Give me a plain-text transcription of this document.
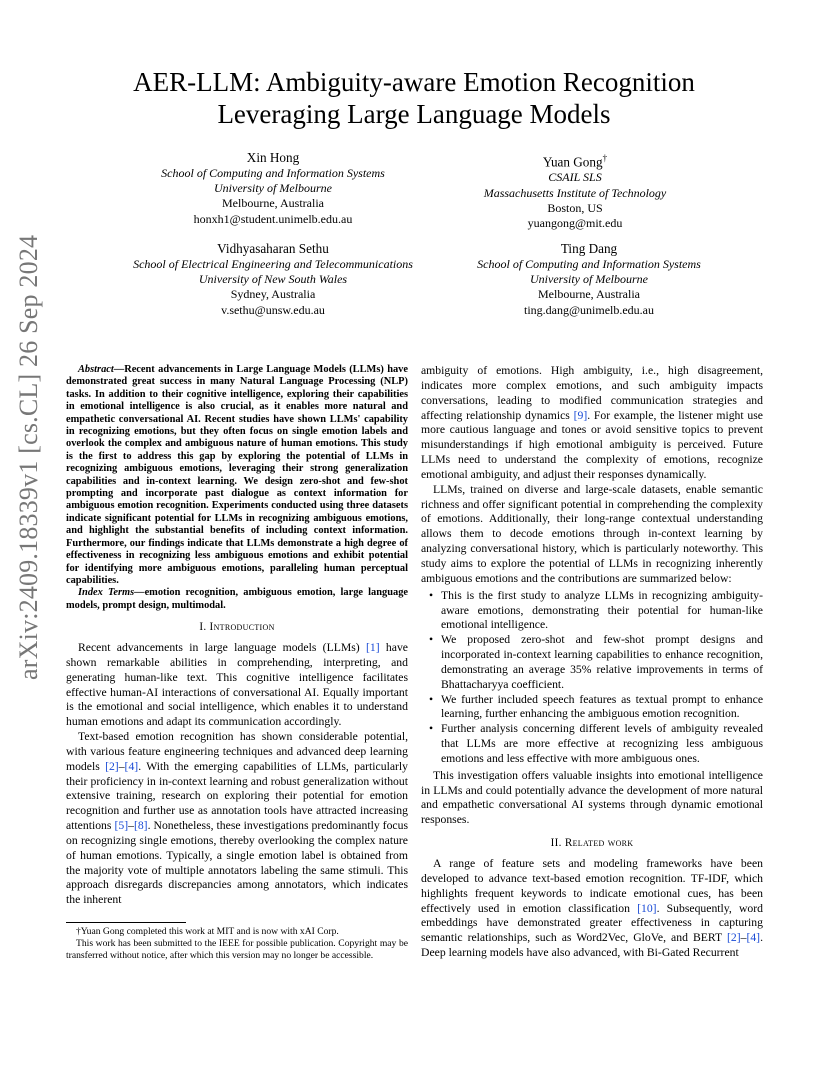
arXiv:2409.18339v1 [cs.CL] 26 Sep 2024
AER-LLM: Ambiguity-aware Emotion Recognition
Leveraging Large Language Models
Xin Hong
School of Computing and Information Systems
University of Melbourne
Melbourne, Australia
honxh1@student.unimelb.edu.au
Yuan Gong†
CSAIL SLS
Massachusetts Institute of Technology
Boston, US
yuangong@mit.edu
Vidhyasaharan Sethu
School of Electrical Engineering and Telecommunications
University of New South Wales
Sydney, Australia
v.sethu@unsw.edu.au
Ting Dang
School of Computing and Information Systems
University of Melbourne
Melbourne, Australia
ting.dang@unimelb.edu.au

Abstract—Recent advancements in Large Language Models (LLMs) have demonstrated great success in many Natural Language Processing (NLP) tasks. In addition to their cognitive intelligence, exploring their capabilities in emotional intelligence is also crucial, as it enables more natural and empathetic conversational AI. Recent studies have shown LLMs' capability in recognizing emotions, but they often focus on single emotion labels and overlook the complex and ambiguous nature of human emotions. This study is the first to address this gap by exploring the potential of LLMs in recognizing ambiguous emotions, leveraging their strong generalization capabilities and in-context learning. We design zero-shot and few-shot prompting and incorporate past dialogue as context information for ambiguous emotion recognition. Experiments conducted using three datasets indicate significant potential for LLMs in recognizing ambiguous emotions, and highlight the substantial benefits of including context information. Furthermore, our findings indicate that LLMs demonstrate a high degree of effectiveness in recognizing less ambiguous emotions and exhibit potential for identifying more ambiguous emotions, paralleling human perceptual capabilities.

Index Terms—emotion recognition, ambiguous emotion, large language models, prompt design, multimodal.

I. Introduction

Recent advancements in large language models (LLMs) [1] have shown remarkable abilities in comprehending, interpreting, and generating human-like text. This cognitive intelligence facilitates effective human-AI interactions of conversational AI. Equally important is the emotional and social intelligence, which enables it to understand human emotions and adapt its communication accordingly.

Text-based emotion recognition has shown considerable potential, with various feature engineering techniques and advanced deep learning models [2]–[4]. With the emerging capabilities of LLMs, particularly their proficiency in in-context learning and robust generalization without extensive training, research on exploring their potential for emotion recognition and further use as annotation tools have attracted increasing attentions [5]–[8]. Nonetheless, these investigations predominantly focus on recognizing single emotions, thereby overlooking the complex nature of human emotions. Typically, a single emotion label is obtained from the majority vote of multiple annotators labeling the same stimuli. This approach disregards discrepancies among annotators, which indicates the inherent

†Yuan Gong completed this work at MIT and is now with xAI Corp.

This work has been submitted to the IEEE for possible publication. Copyright may be transferred without notice, after which this version may no longer be accessible.

ambiguity of emotions. High ambiguity, i.e., high disagreement, indicates more complex emotions, and such ambiguity impacts conversations, leading to modified communication strategies and affecting relationship dynamics [9]. For example, the listener might use more cautious language and tones or avoid sensitive topics to prevent misunderstandings if high emotional ambiguity is perceived. Future LLMs need to understand the complexity of emotions, recognize emotional ambiguity, and adjust their responses dynamically.

LLMs, trained on diverse and large-scale datasets, enable semantic richness and offer significant potential in comprehending the complexity of emotions. Additionally, their long-range contextual understanding allows them to decode emotions through in-context learning by analyzing conversational history, which is particularly noteworthy. This study aims to explore the potential of LLMs in recognizing inherently ambiguous emotions and the contributions are summarized below:

• This is the first study to analyze LLMs in recognizing ambiguity-aware emotions, demonstrating their potential for human-like emotional intelligence.
• We proposed zero-shot and few-shot prompt designs and incorporated in-context learning capabilities to enhance recognition, demonstrating an average 35% relative improvements in terms of Bhattacharyya coefficient.
• We further included speech features as textual prompt to enhance learning, further enhancing the ambiguous emotion recognition.
• Further analysis concerning different levels of ambiguity revealed that LLMs are more effective at recognizing less ambiguous emotions and less effective with more ambiguous ones.

This investigation offers valuable insights into emotional intelligence in LLMs and could potentially advance the development of more natural and empathetic conversational AI systems through dynamic emotional responses.

II. Related work

A range of feature sets and modeling frameworks have been developed to advance text-based emotion recognition. TF-IDF, which highlights frequent keywords to indicate emotional cues, has been effectively used in emotion classification [10]. Subsequently, word embeddings have demonstrated greater effectiveness in capturing semantic relationships, such as Word2Vec, GloVe, and BERT [2]–[4]. Deep learning models have also advanced, with Bi-Gated Recurrent
